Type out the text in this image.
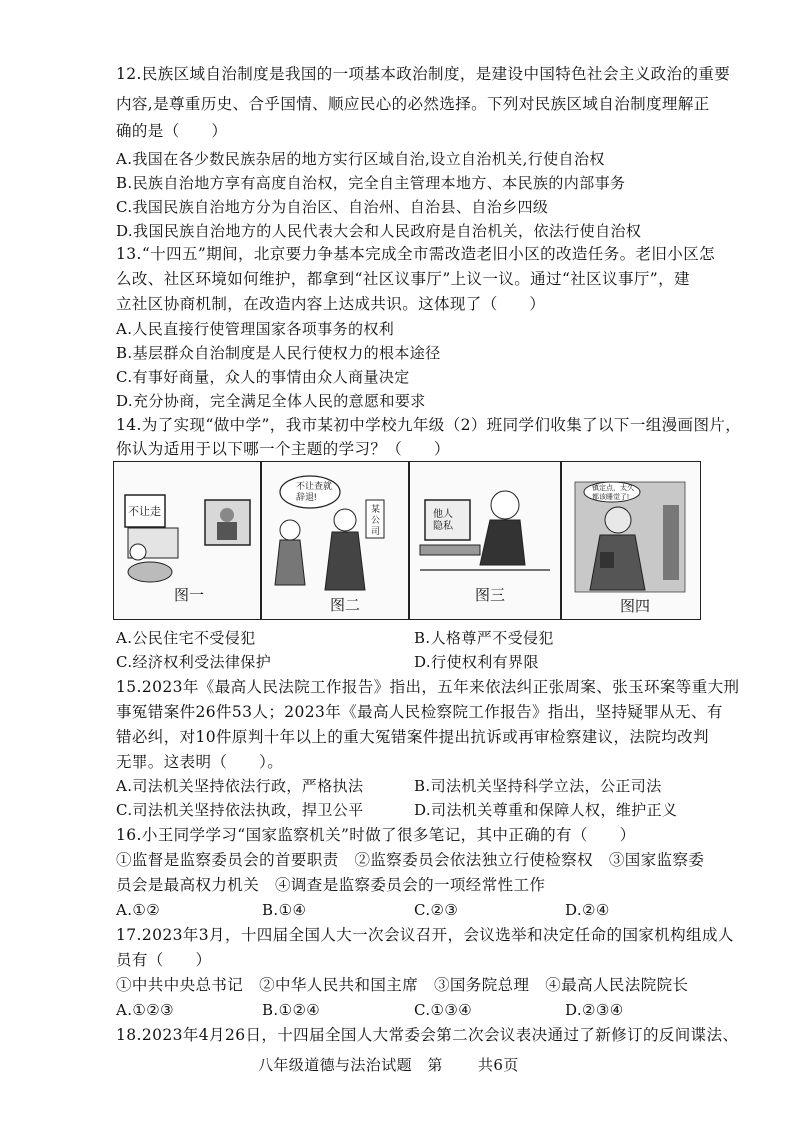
12.民族区域自治制度是我国的一项基本政治制度，是建设中国特色社会主义政治的重要
内容,是尊重历史、合乎国情、顺应民心的必然选择。下列对民族区域自治制度理解正
确的是（　　）
A.我国在各少数民族杂居的地方实行区域自治,设立自治机关,行使自治权
B.民族自治地方享有高度自治权，完全自主管理本地方、本民族的内部事务
C.我国民族自治地方分为自治区、自治州、自治县、自治乡四级
D.我国民族自治地方的人民代表大会和人民政府是自治机关，依法行使自治权
13.“十四五”期间，北京要力争基本完成全市需改造老旧小区的改造任务。老旧小区怎
么改、社区环境如何维护，都拿到“社区议事厅”上议一议。通过“社区议事厅”，建
立社区协商机制，在改造内容上达成共识。这体现了（　　）
A.人民直接行使管理国家各项事务的权利
B.基层群众自治制度是人民行使权力的根本途径
C.有事好商量，众人的事情由众人商量决定
D.充分协商，完全满足全体人民的意愿和要求
14.为了实现“做中学”，我市某初中学校九年级（2）班同学们收集了以下一组漫画图片，
你认为适用于以下哪一个主题的学习？（　　）
不让走
不让查就辞退!
某公司
他人隐私
镇定点，太久都该睡觉了!
图一
图二
图三
图四
A.公民住宅不受侵犯	B.人格尊严不受侵犯
C.经济权利受法律保护	D.行使权利有界限
15.2023年《最高人民法院工作报告》指出，五年来依法纠正张周案、张玉环案等重大刑
事冤错案件26件53人；2023年《最高人民检察院工作报告》指出，坚持疑罪从无、有
错必纠，对10件原判十年以上的重大冤错案件提出抗诉或再审检察建议，法院均改判
无罪。这表明（　　）。
A.司法机关坚持依法行政，严格执法	B.司法机关坚持科学立法，公正司法
C.司法机关坚持依法执政，捍卫公平	D.司法机关尊重和保障人权，维护正义
16.小王同学学习“国家监察机关”时做了很多笔记，其中正确的有（　　）
①监督是监察委员会的首要职责　②监察委员会依法独立行使检察权　③国家监察委
员会是最高权力机关　④调查是监察委员会的一项经常性工作
A.①②	B.①④	C.②③	D.②④
17.2023年3月，十四届全国人大一次会议召开，会议选举和决定任命的国家机构组成人
员有（　　）
①中共中央总书记　②中华人民共和国主席　③国务院总理　④最高人民法院院长
A.①②③	B.①②④	C.①③④	D.②③④
18.2023年4月26日，十四届全国人大常委会第二次会议表决通过了新修订的反间谍法、
八年级道德与法治试题　第 共6页
